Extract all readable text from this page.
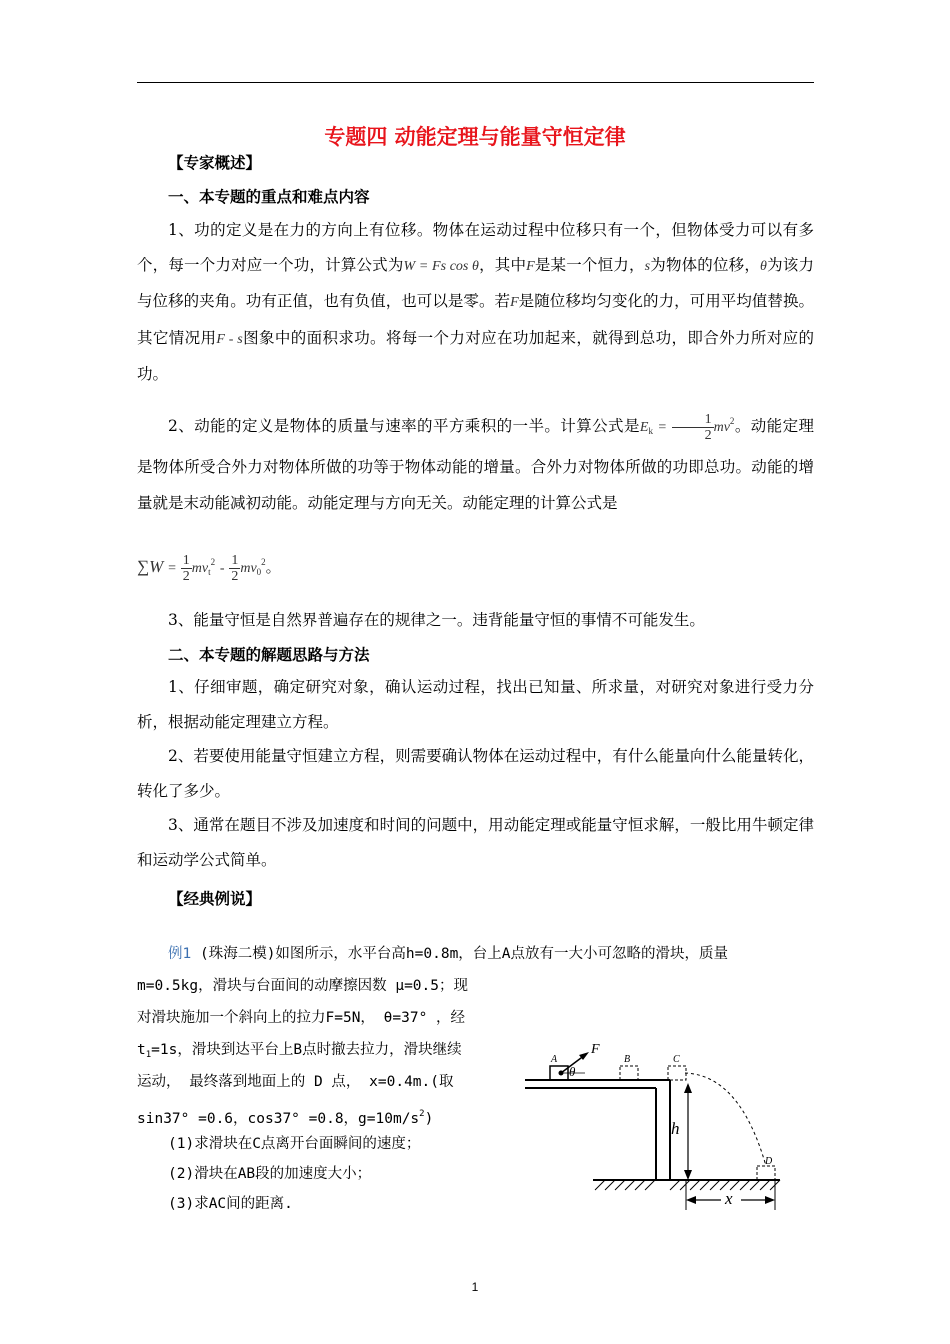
专题四 动能定理与能量守恒定律
【专家概述】
一、本专题的重点和难点内容

1、功的定义是在力的方向上有位移。物体在运动过程中位移只有一个，但物体受力可以有多个，每一个力对应一个功，计算公式为W = Fs cos θ，其中F是某一个恒力，s为物体的位移，θ为该力与位移的夹角。功有正值，也有负值，也可以是零。若F是随位移均匀变化的力，可用平均值替换。其它情况用F - s图象中的面积求功。将每一个力对应在功加起来，就得到总功，即合外力所对应的功。

2、动能的定义是物体的质量与速率的平方乘积的一半。计算公式是$E_k = \frac{1}{2} mv^2$。动能定理是物体所受合外力对物体所做的功等于物体动能的增量。合外力对物体所做的功即总功。动能的增量就是末动能减初动能。动能定理与方向无关。动能定理的计算公式是

$\sum W = \frac{1}{2} mv_t^2 - \frac{1}{2} mv_0^2$。
3、能量守恒是自然界普遍存在的规律之一。违背能量守恒的事情不可能发生。
二、本专题的解题思路与方法

1、仔细审题，确定研究对象，确认运动过程，找出已知量、所求量，对研究对象进行受力分析，根据动能定理建立方程。

2、若要使用能量守恒建立方程，则需要确认物体在运动过程中，有什么能量向什么能量转化，转化了多少。

3、通常在题目不涉及加速度和时间的问题中，用动能定理或能量守恒求解，一般比用牛顿定律和运动学公式简单。

【经典例说】
例1 (珠海二模)如图所示，水平台高h=0.8m，台上A点放有一大小可忽略的滑块，质量
m=0.5kg，滑块与台面间的动摩擦因数 μ=0.5；现
对滑块施加一个斜向上的拉力F=5N， θ=37° ，经
$t_1=1s$，滑块到达平台上B点时撤去拉力，滑块继续
运动， 最终落到地面上的 D 点， x=0.4m.(取
sin37° =0.6，cos37° =0.8，$g=10m/s^2$)
(1)求滑块在C点离开台面瞬间的速度；
(2)滑块在AB段的加速度大小；
(3)求AC间的距离.
A
F
θ
B	C
D
h
x
1
